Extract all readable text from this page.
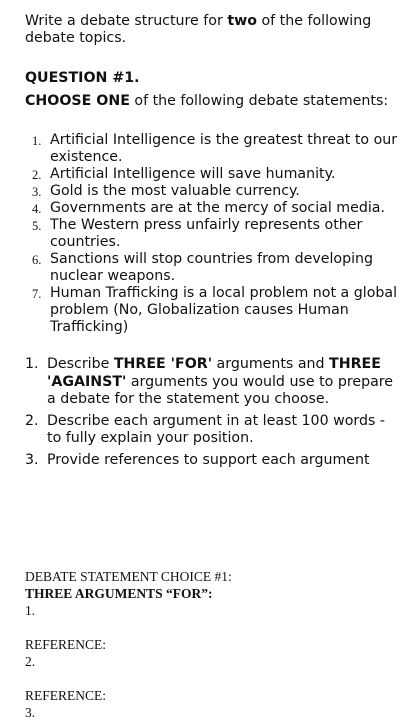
Write a debate structure for two of the following debate topics.
QUESTION #1.
CHOOSE ONE of the following debate statements:
1. Artificial Intelligence is the greatest threat to our existence.
2. Artificial Intelligence will save humanity.
3. Gold is the most valuable currency.
4. Governments are at the mercy of social media.
5. The Western press unfairly represents other countries.
6. Sanctions will stop countries from developing nuclear weapons.
7. Human Trafficking is a local problem not a global problem (No, Globalization causes Human Trafficking)
1. Describe THREE 'FOR' arguments and THREE 'AGAINST' arguments you would use to prepare a debate for the statement you choose.
2. Describe each argument in at least 100 words - to fully explain your position.
3. Provide references to support each argument
DEBATE STATEMENT CHOICE #1:
THREE ARGUMENTS “FOR”:
1.
REFERENCE:
2.
REFERENCE:
3.
